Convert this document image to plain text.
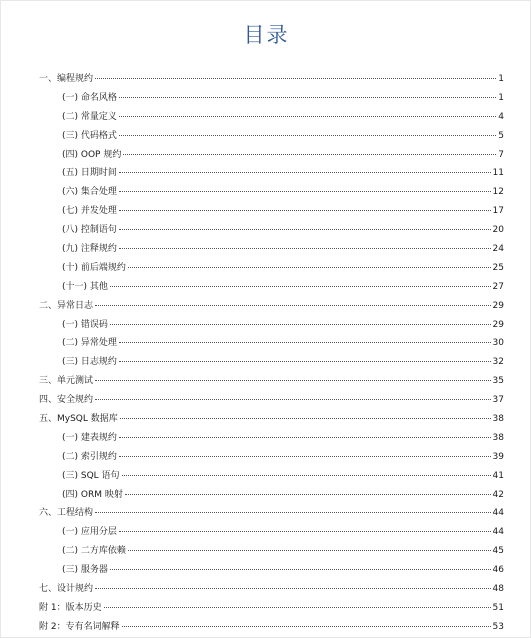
目录
一、编程规约	1
(一) 命名风格	1
(二) 常量定义	4
(三) 代码格式	5
(四) OOP 规约	7
(五) 日期时间	11
(六) 集合处理	12
(七) 并发处理	17
(八) 控制语句	20
(九) 注释规约	24
(十) 前后端规约	25
(十一) 其他	27
二、异常日志	29
(一) 错误码	29
(二) 异常处理	30
(三) 日志规约	32
三、单元测试	35
四、安全规约	37
五、MySQL 数据库	38
(一) 建表规约	38
(二) 索引规约	39
(三) SQL 语句	41
(四) ORM 映射	42
六、工程结构	44
(一) 应用分层	44
(二) 二方库依赖	45
(三) 服务器	46
七、设计规约	48
附 1：版本历史	51
附 2：专有名词解释	53
